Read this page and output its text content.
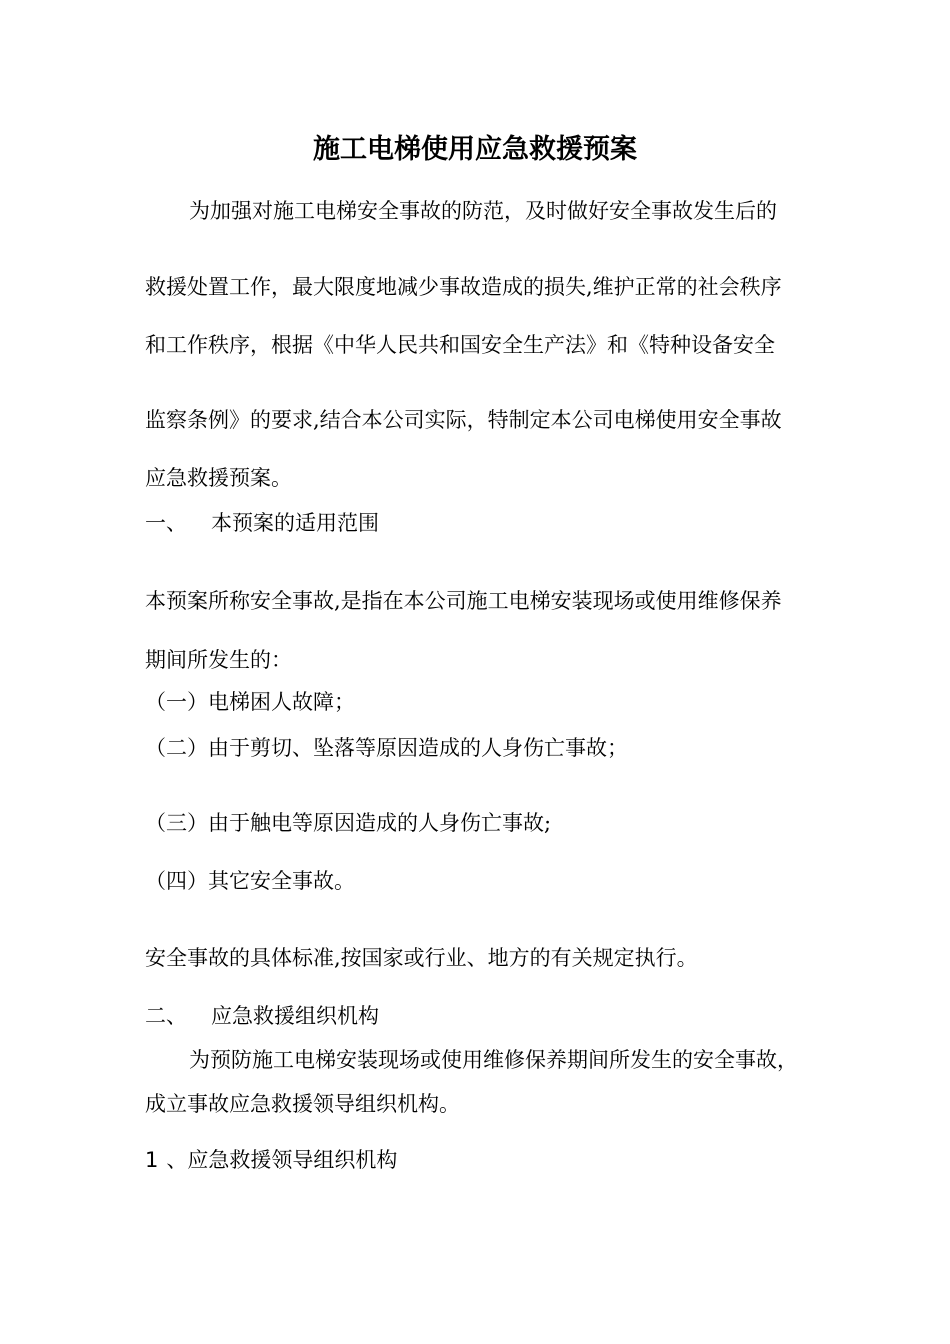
施工电梯使用应急救援预案
为加强对施工电梯安全事故的防范，及时做好安全事故发生后的
救援处置工作，最大限度地减少事故造成的损失,维护正常的社会秩序
和工作秩序，根据《中华人民共和国安全生产法》和《特种设备安全
监察条例》的要求,结合本公司实际，特制定本公司电梯使用安全事故
应急救援预案。
一、 本预案的适用范围
本预案所称安全事故,是指在本公司施工电梯安装现场或使用维修保养
期间所发生的：
（一）电梯困人故障；
（二）由于剪切、坠落等原因造成的人身伤亡事故；
（三）由于触电等原因造成的人身伤亡事故;
（四）其它安全事故。
安全事故的具体标准,按国家或行业、地方的有关规定执行。
二、 应急救援组织机构
为预防施工电梯安装现场或使用维修保养期间所发生的安全事故，
成立事故应急救援领导组织机构。
1 、应急救援领导组织机构
